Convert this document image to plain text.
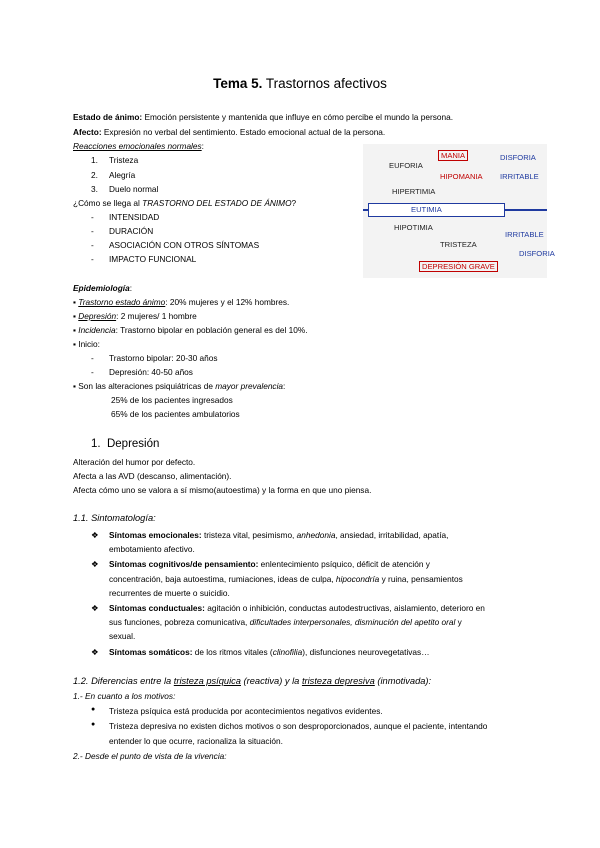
Tema 5. Trastornos afectivos
Estado de ánimo: Emoción persistente y mantenida que influye en cómo percibe el mundo la persona.
Afecto: Expresión no verbal del sentimiento. Estado emocional actual de la persona.
Reacciones emocionales normales:
1. Tristeza
2. Alegría
3. Duelo normal
¿Cómo se llega al TRASTORNO DEL ESTADO DE ÁNIMO?
- INTENSIDAD
- DURACIÓN
- ASOCIACIÓN CON OTROS SÍNTOMAS
- IMPACTO FUNCIONAL
MANIA	DISFORIA
EUFORIA
HIPOMANIA IRRITABLE
HIPERTIMIA
EUTIMIA
HIPOTIMIA
IRRITABLE
TRISTEZA
DISFORIA
DEPRESIÓN GRAVE
Epidemiología:
▪ Trastorno estado ánimo: 20% mujeres y el 12% hombres.
▪ Depresión: 2 mujeres/ 1 hombre
▪ Incidencia: Trastorno bipolar en población general es del 10%.
▪ Inicio:
- Trastorno bipolar: 20-30 años
- Depresión: 40-50 años
▪ Son las alteraciones psiquiátricas de mayor prevalencia:
25% de los pacientes ingresados
65% de los pacientes ambulatorios
1. Depresión
Alteración del humor por defecto.
Afecta a las AVD (descanso, alimentación).
Afecta cómo uno se valora a sí mismo(autoestima) y la forma en que uno piensa.
1.1. Sintomatología:
❖ Síntomas emocionales: tristeza vital, pesimismo, anhedonia, ansiedad, irritabilidad, apatía,
embotamiento afectivo.
❖ Síntomas cognitivos/de pensamiento: enlentecimiento psíquico, déficit de atención y
concentración, baja autoestima, rumiaciones, ideas de culpa, hipocondría y ruina, pensamientos
recurrentes de muerte o suicidio.
❖ Síntomas conductuales: agitación o inhibición, conductas autodestructivas, aislamiento, deterioro en
sus funciones, pobreza comunicativa, dificultades interpersonales, disminución del apetito oral y
sexual.
❖ Síntomas somáticos: de los ritmos vitales (clinofilia), disfunciones neurovegetativas…
1.2. Diferencias entre la tristeza psíquica (reactiva) y la tristeza depresiva (inmotivada):
1.- En cuanto a los motivos:
● Tristeza psíquica está producida por acontecimientos negativos evidentes.
● Tristeza depresiva no existen dichos motivos o son desproporcionados, aunque el paciente, intentando
entender lo que ocurre, racionaliza la situación.
2.- Desde el punto de vista de la vivencia:
